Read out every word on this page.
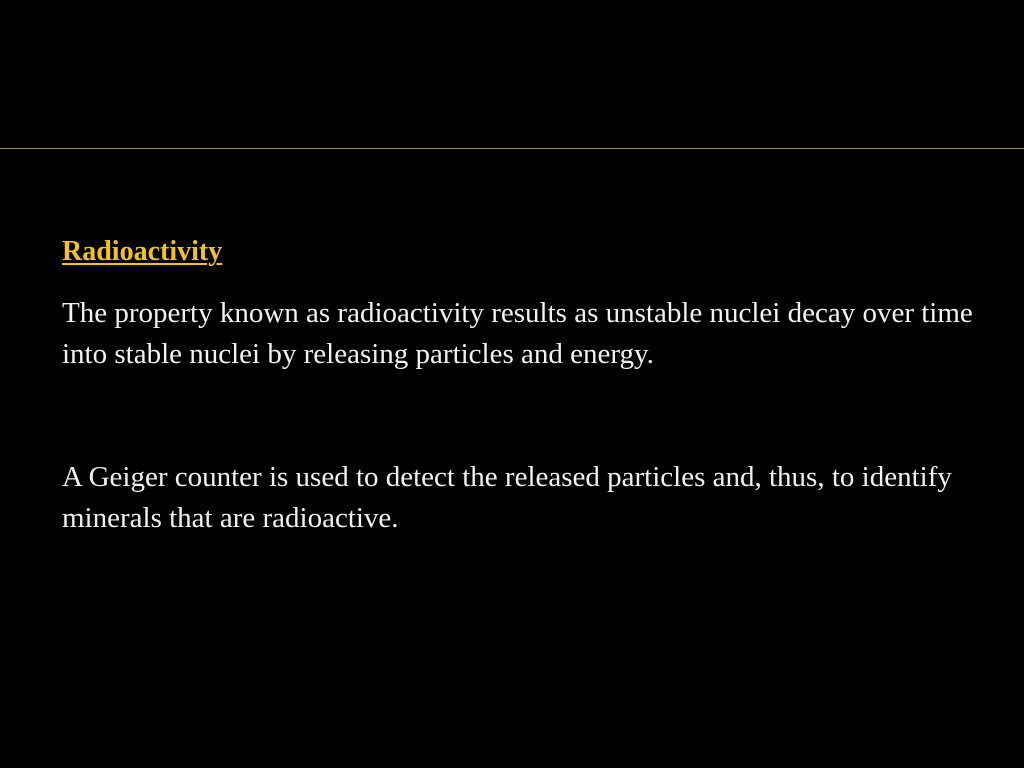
Radioactivity

The property known as radioactivity results as unstable nuclei decay over time into stable nuclei by releasing particles and energy.

A Geiger counter is used to detect the released particles and, thus, to identify minerals that are radioactive.
